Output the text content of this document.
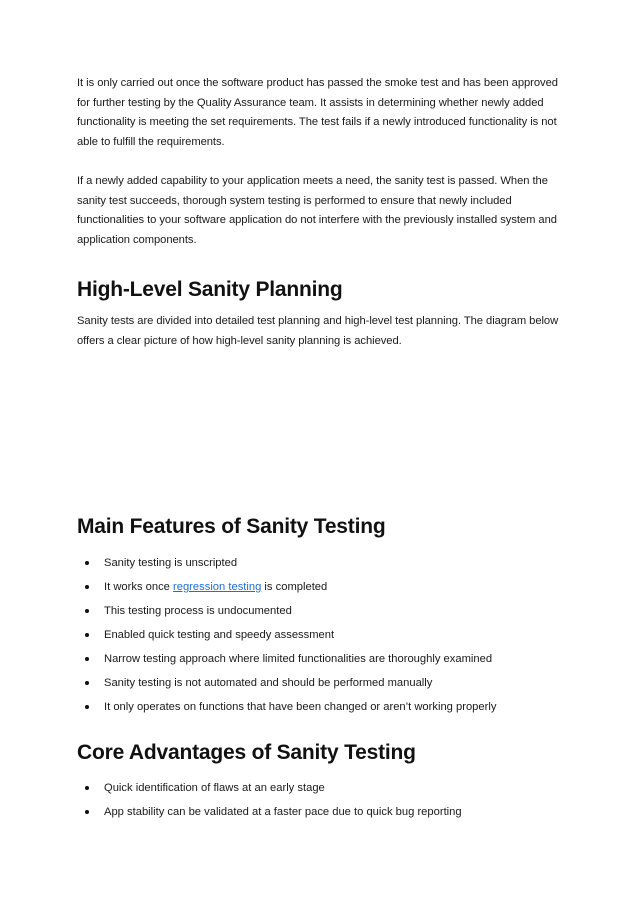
It is only carried out once the software product has passed the smoke test and has been approved for further testing by the Quality Assurance team. It assists in determining whether newly added functionality is meeting the set requirements. The test fails if a newly introduced functionality is not able to fulfill the requirements.

If a newly added capability to your application meets a need, the sanity test is passed. When the sanity test succeeds, thorough system testing is performed to ensure that newly included functionalities to your software application do not interfere with the previously installed system and application components.

High-Level Sanity Planning

Sanity tests are divided into detailed test planning and high-level test planning. The diagram below offers a clear picture of how high-level sanity planning is achieved.

Main Features of Sanity Testing
Sanity testing is unscripted
It works once regression testing is completed
This testing process is undocumented
Enabled quick testing and speedy assessment
Narrow testing approach where limited functionalities are thoroughly examined
Sanity testing is not automated and should be performed manually
It only operates on functions that have been changed or aren’t working properly
Core Advantages of Sanity Testing
Quick identification of flaws at an early stage
App stability can be validated at a faster pace due to quick bug reporting
